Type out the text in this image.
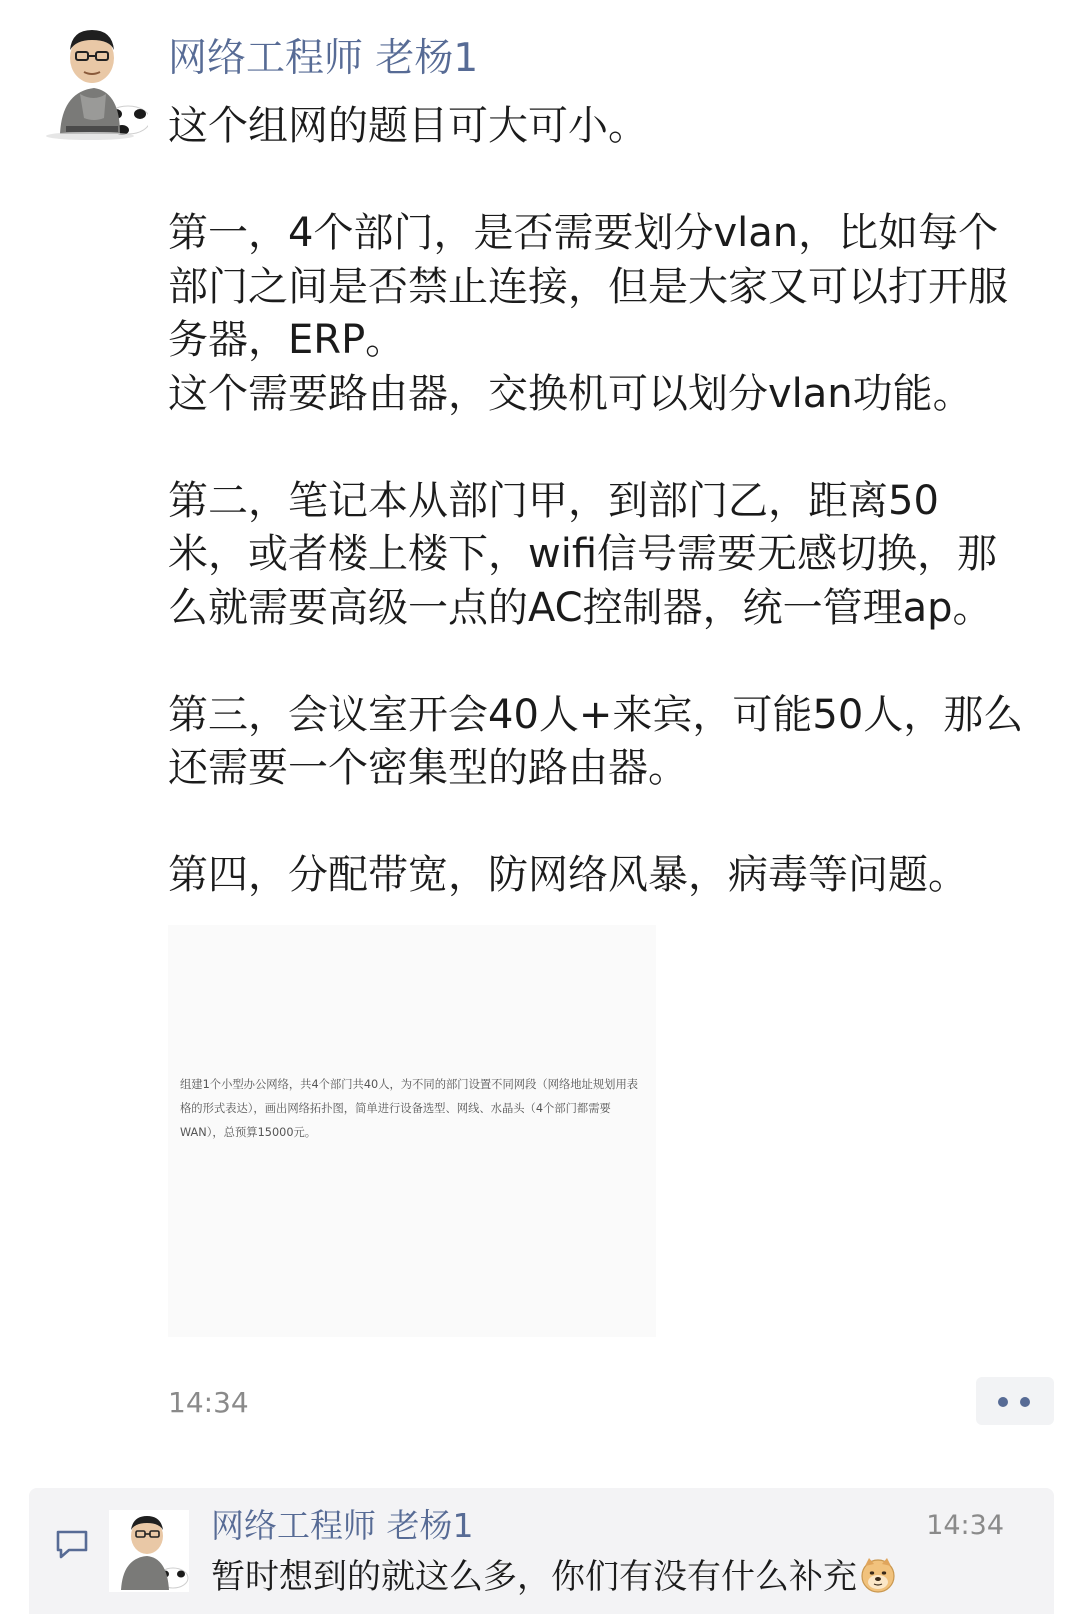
网络工程师 老杨1

这个组网的题目可大可小。

第一，4个部门，是否需要划分vlan，比如每个

部门之间是否禁止连接，但是大家又可以打开服

务器，ERP。

这个需要路由器，交换机可以划分vlan功能。

第二，笔记本从部门甲，到部门乙，距离50

米，或者楼上楼下，wifi信号需要无感切换，那

么就需要高级一点的AC控制器，统一管理ap。

第三，会议室开会40人+来宾，可能50人，那么

还需要一个密集型的路由器。

第四，分配带宽，防网络风暴，病毒等问题。

组建1个小型办公网络，共4个部门共40人，为不同的部门设置不同网段（网络地址规划用表
格的形式表达），画出网络拓扑图，简单进行设备选型、网线、水晶头（4个部门都需要
WAN），总预算15000元。
14:34
网络工程师 老杨1	14:34
暂时想到的就这么多，你们有没有什么补充
